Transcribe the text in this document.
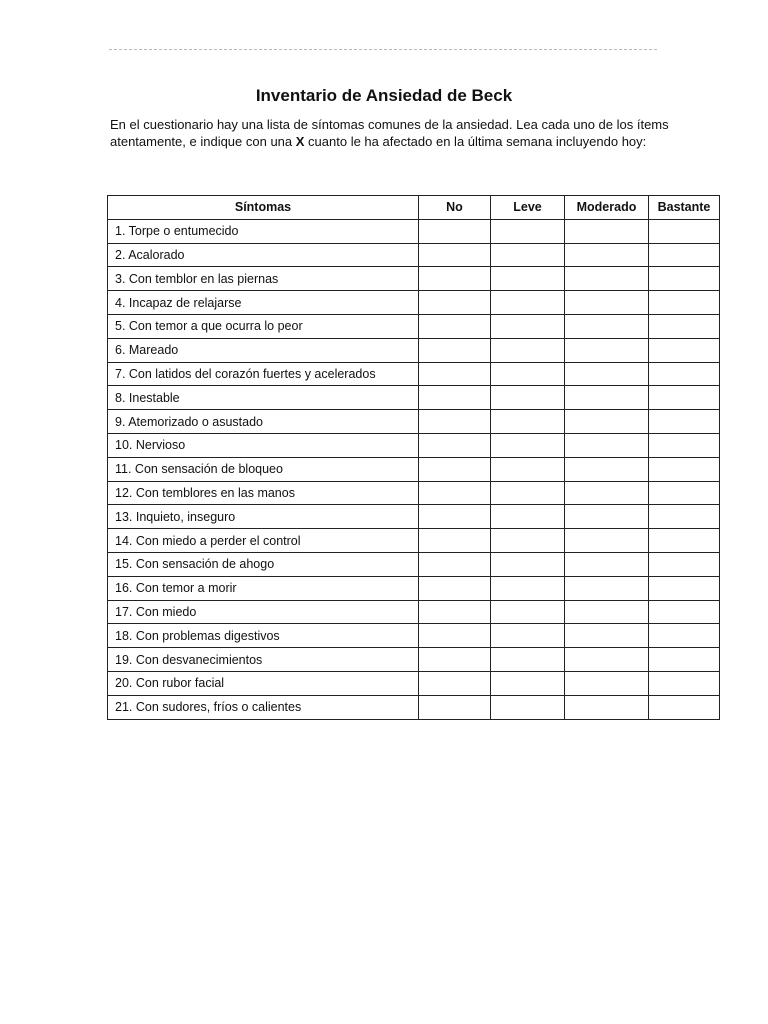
Inventario de Ansiedad de Beck
En el cuestionario hay una lista de síntomas comunes de la ansiedad. Lea cada uno de los ítems atentamente, e indique con una X cuanto le ha afectado en la última semana incluyendo hoy:
Síntomas	No	Leve	Moderado	Bastante
1. Torpe o entumecido				
2. Acalorado				
3. Con temblor en las piernas				
4. Incapaz de relajarse				
5. Con temor a que ocurra lo peor				
6. Mareado				
7. Con latidos del corazón fuertes y acelerados				
8. Inestable				
9. Atemorizado o asustado				
10. Nervioso				
11. Con sensación de bloqueo				
12. Con temblores en las manos				
13. Inquieto, inseguro				
14. Con miedo a perder el control				
15. Con sensación de ahogo				
16. Con temor a morir				
17. Con miedo				
18. Con problemas digestivos				
19. Con desvanecimientos				
20. Con rubor facial				
21. Con sudores, fríos o calientes				
